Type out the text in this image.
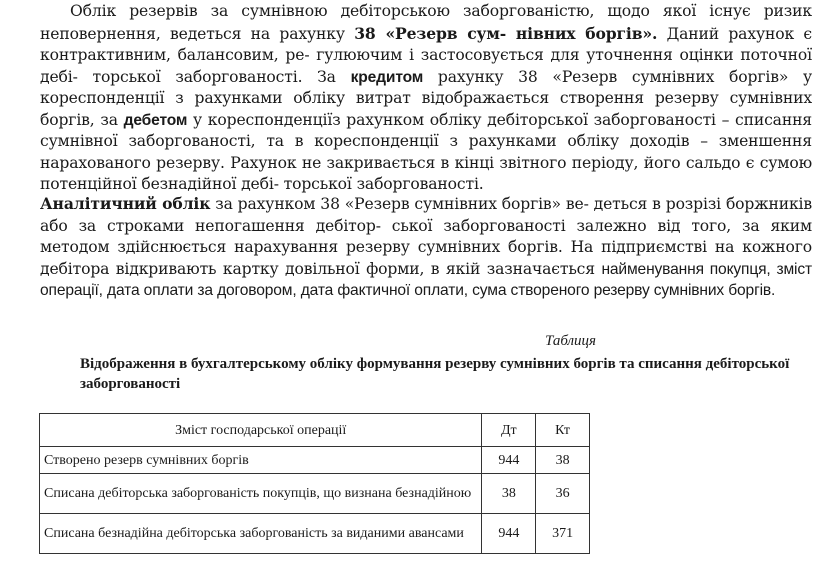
Облік резервів за сумнівною дебіторською заборгованістю, щодо якої існує ризик неповернення, ведеться на рахунку 38 «Резерв сум- нівних боргів». Даний рахунок є контрактивним, балансовим, ре- гулюючим і застосовується для уточнення оцінки поточної дебі- торської заборгованості. За кредитом рахунку 38 «Резерв сумнівних боргів» у кореспонденції з рахунками обліку витрат відображається створення резерву сумнівних боргів, за дебетом у кореспонденціїз рахунком обліку дебіторської заборгованості – списання сумнівної заборгованості, та в кореспонденції з рахунками обліку доходів – зменшення нарахованого резерву. Рахунок не закривається в кінці звітного періоду, його сальдо є сумою потенційної безнадійної дебі- торської заборгованості.
Аналітичний облік за рахунком 38 «Резерв сумнівних боргів» ве- деться в розрізі боржників або за строками непогашення дебітор- ської заборгованості залежно від того, за яким методом здійснюється нарахування резерву сумнівних боргів. На підприємстві на кожного дебітора відкривають картку довільної форми, в якій зазначається найменування покупця, зміст операції, дата оплати за договором, дата фактичної оплати, сума створеного резерву сумнівних боргів.
Таблиця
Відображення в бухгалтерському обліку формування резерву сумнівних боргів та списання дебіторської заборгованості
Зміст господарської операції	Дт	Кт
Створено резерв сумнівних боргів	944	38
Списана дебіторська заборгованість покупців, що визнана безнадійною	38	36
Списана безнадійна дебіторська заборгованість за виданими авансами	944	371
